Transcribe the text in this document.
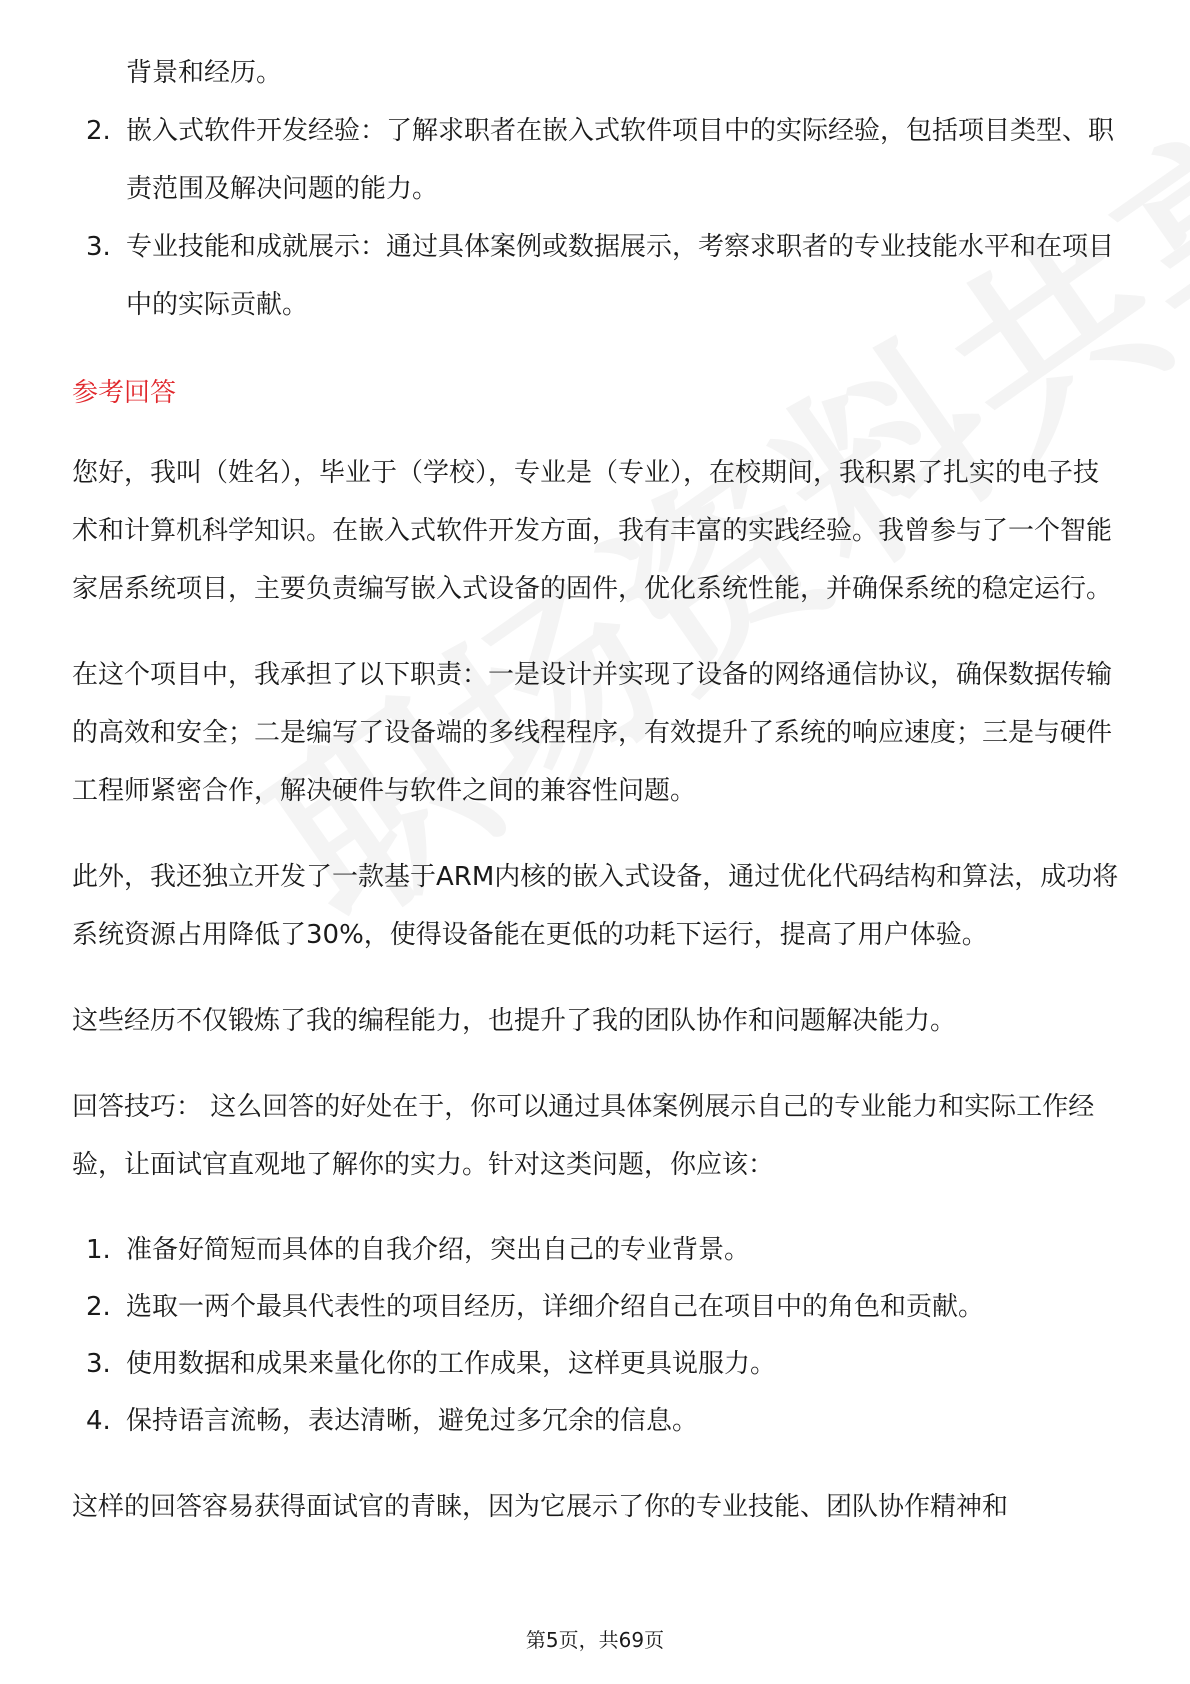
背景和经历。
2. 嵌入式软件开发经验：了解求职者在嵌入式软件项目中的实际经验，包括项目类型、职责范围及解决问题的能力。
3. 专业技能和成就展示：通过具体案例或数据展示，考察求职者的专业技能水平和在项目中的实际贡献。
参考回答

您好，我叫（姓名），毕业于（学校），专业是（专业），在校期间，我积累了扎实的电子技术和计算机科学知识。在嵌入式软件开发方面，我有丰富的实践经验。我曾参与了一个智能家居系统项目，主要负责编写嵌入式设备的固件，优化系统性能，并确保系统的稳定运行。

在这个项目中，我承担了以下职责：一是设计并实现了设备的网络通信协议，确保数据传输的高效和安全；二是编写了设备端的多线程程序，有效提升了系统的响应速度；三是与硬件工程师紧密合作，解决硬件与软件之间的兼容性问题。

此外，我还独立开发了一款基于ARM内核的嵌入式设备，通过优化代码结构和算法，成功将系统资源占用降低了30%，使得设备能在更低的功耗下运行，提高了用户体验。

这些经历不仅锻炼了我的编程能力，也提升了我的团队协作和问题解决能力。

回答技巧： 这么回答的好处在于，你可以通过具体案例展示自己的专业能力和实际工作经验，让面试官直观地了解你的实力。针对这类问题，你应该：

1. 准备好简短而具体的自我介绍，突出自己的专业背景。
2. 选取一两个最具代表性的项目经历，详细介绍自己在项目中的角色和贡献。
3. 使用数据和成果来量化你的工作成果，这样更具说服力。
4. 保持语言流畅，表达清晰，避免过多冗余的信息。

这样的回答容易获得面试官的青睐，因为它展示了你的专业技能、团队协作精神和

第5页，共69页
